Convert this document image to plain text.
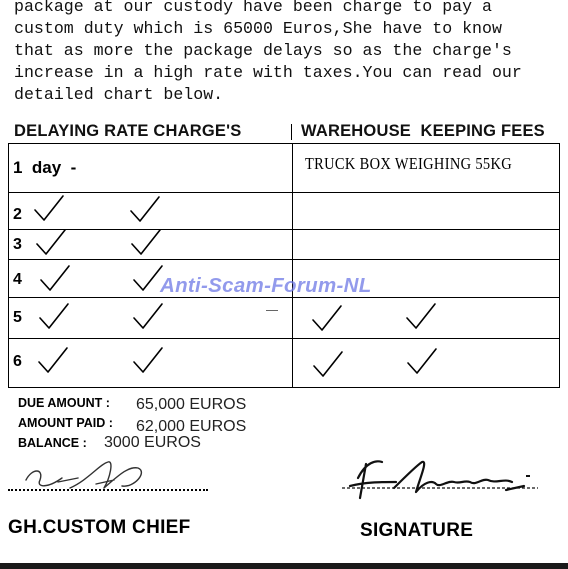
package at our custody have been charge to pay a
custom duty which is 65000 Euros,She have to know
that as more the package delays so as the charge's
increase in a high rate with taxes.You can read our
detailed chart below.
DELAYING RATE CHARGE'S	WAREHOUSE  KEEPING FEES
1  day  -	TRUCK BOX WEIGHING 55KG
2
3
4
5
6
Anti-Scam-Forum-NL
DUE AMOUNT : 65,000 EUROS
AMOUNT PAID : 62,000 EUROS
BALANCE : 3000 EUROS
GH.CUSTOM CHIEF	SIGNATURE
